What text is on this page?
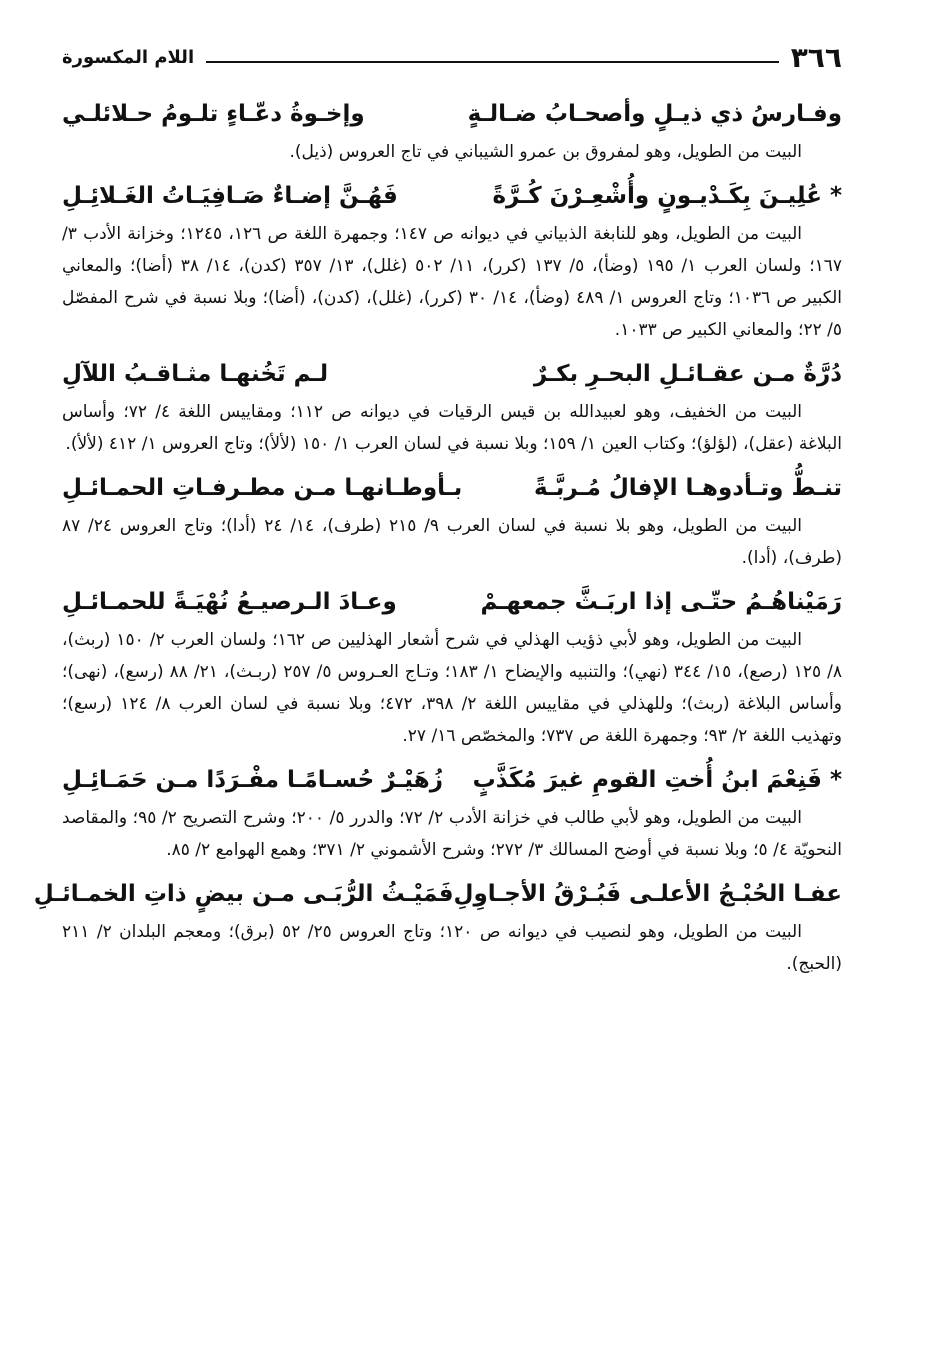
٣٦٦
اللام المكسورة
وفـارسُ ذي ذيـلٍ وأصحـابُ ضـالـةٍ
وإخـوةُ دعّـاءٍ تلـومُ حـلائلـي

البيت من الطويل، وهو لمفروق بن عمرو الشيباني في تاج العروس (ذيل).

* عُلِيـنَ بِكَـدْيـونٍ وأُشْعِـرْنَ كُـرَّةً
فَهُـنَّ إضـاءٌ صَـافِيَـاتُ الغَـلائِـلِ

البيت من الطويل، وهو للنابغة الذبياني في ديوانه ص ١٤٧؛ وجمهرة اللغة ص ١٢٦، ١٢٤٥؛ وخزانة الأدب ٣/ ١٦٧؛ ولسان العرب ١/ ١٩٥ (وضأ)، ٥/ ١٣٧ (كرر)، ١١/ ٥٠٢ (غلل)، ١٣/ ٣٥٧ (كدن)، ١٤/ ٣٨ (أضا)؛ والمعاني الكبير ص ١٠٣٦؛ وتاج العروس ١/ ٤٨٩ (وضأ)، ١٤/ ٣٠ (كرر)، (غلل)، (كدن)، (أضا)؛ وبلا نسبة في شرح المفصّل ٥/ ٢٢؛ والمعاني الكبير ص ١٠٣٣.

دُرَّةٌ مـن عقـائـلِ البحـرِ بكـرٌ
لـم تَخُنهـا مثـاقـبُ اللآلِ

البيت من الخفيف، وهو لعبيدالله بن قيس الرقيات في ديوانه ص ١١٢؛ ومقاييس اللغة ٤/ ٧٢؛ وأساس البلاغة (عقل)، (لؤلؤ)؛ وكتاب العين ١/ ١٥٩؛ وبلا نسبة في لسان العرب ١/ ١٥٠ (لألأ)؛ وتاج العروس ١/ ٤١٢ (لألأ).

تنـطُّ وتـأدوهـا الإفالُ مُـربَّـةً
بـأوطـانهـا مـن مطـرفـاتِ الحمـائـلِ

البيت من الطويل، وهو بلا نسبة في لسان العرب ٩/ ٢١٥ (طرف)، ١٤/ ٢٤ (أدا)؛ وتاج العروس ٢٤/ ٨٧ (طرف)، (أدا).

رَمَيْناهُـمُ حتّـى إذا اربَـثَّ جمعهـمْ
وعـادَ الـرصيـعُ نُهْيَـةً للحمـائـلِ

البيت من الطويل، وهو لأبي ذؤيب الهذلي في شرح أشعار الهذليين ص ١٦٢؛ ولسان العرب ٢/ ١٥٠ (ربث)، ٨/ ١٢٥ (رصع)، ١٥/ ٣٤٤ (نهي)؛ والتنبيه والإيضاح ١/ ١٨٣؛ وتـاج العـروس ٥/ ٢٥٧ (ربـث)، ٢١/ ٨٨ (رسع)، (نهى)؛ وأساس البلاغة (ربث)؛ وللهذلي في مقاييس اللغة ٢/ ٣٩٨، ٤٧٢؛ وبلا نسبة في لسان العرب ٨/ ١٢٤ (رسع)؛ وتهذيب اللغة ٢/ ٩٣؛ وجمهرة اللغة ص ٧٣٧؛ والمخصّص ١٦/ ٢٧.

* فَنِعْمَ ابنُ أُختِ القومِ غيرَ مُكَذَّبٍ
زُهَيْـرٌ حُسـامًـا مفْـرَدًا مـن حَمَـائِـلِ

البيت من الطويل، وهو لأبي طالب في خزانة الأدب ٢/ ٧٢؛ والدرر ٥/ ٢٠٠؛ وشرح التصريح ٢/ ٩٥؛ والمقاصد النحويّة ٤/ ٥؛ وبلا نسبة في أوضح المسالك ٣/ ٢٧٢؛ وشرح الأشموني ٢/ ٣٧١؛ وهمع الهوامع ٢/ ٨٥.

عفـا الحُبْـجُ الأعلـى فَبُـرْقُ الأجـاوِلِ
فَمَيْـثُ الرُّبَـى مـن بيضٍ ذاتِ الخمـائـلِ

البيت من الطويل، وهو لنصيب في ديوانه ص ١٢٠؛ وتاج العروس ٢٥/ ٥٢ (برق)؛ ومعجم البلدان ٢/ ٢١١ (الحبج).
